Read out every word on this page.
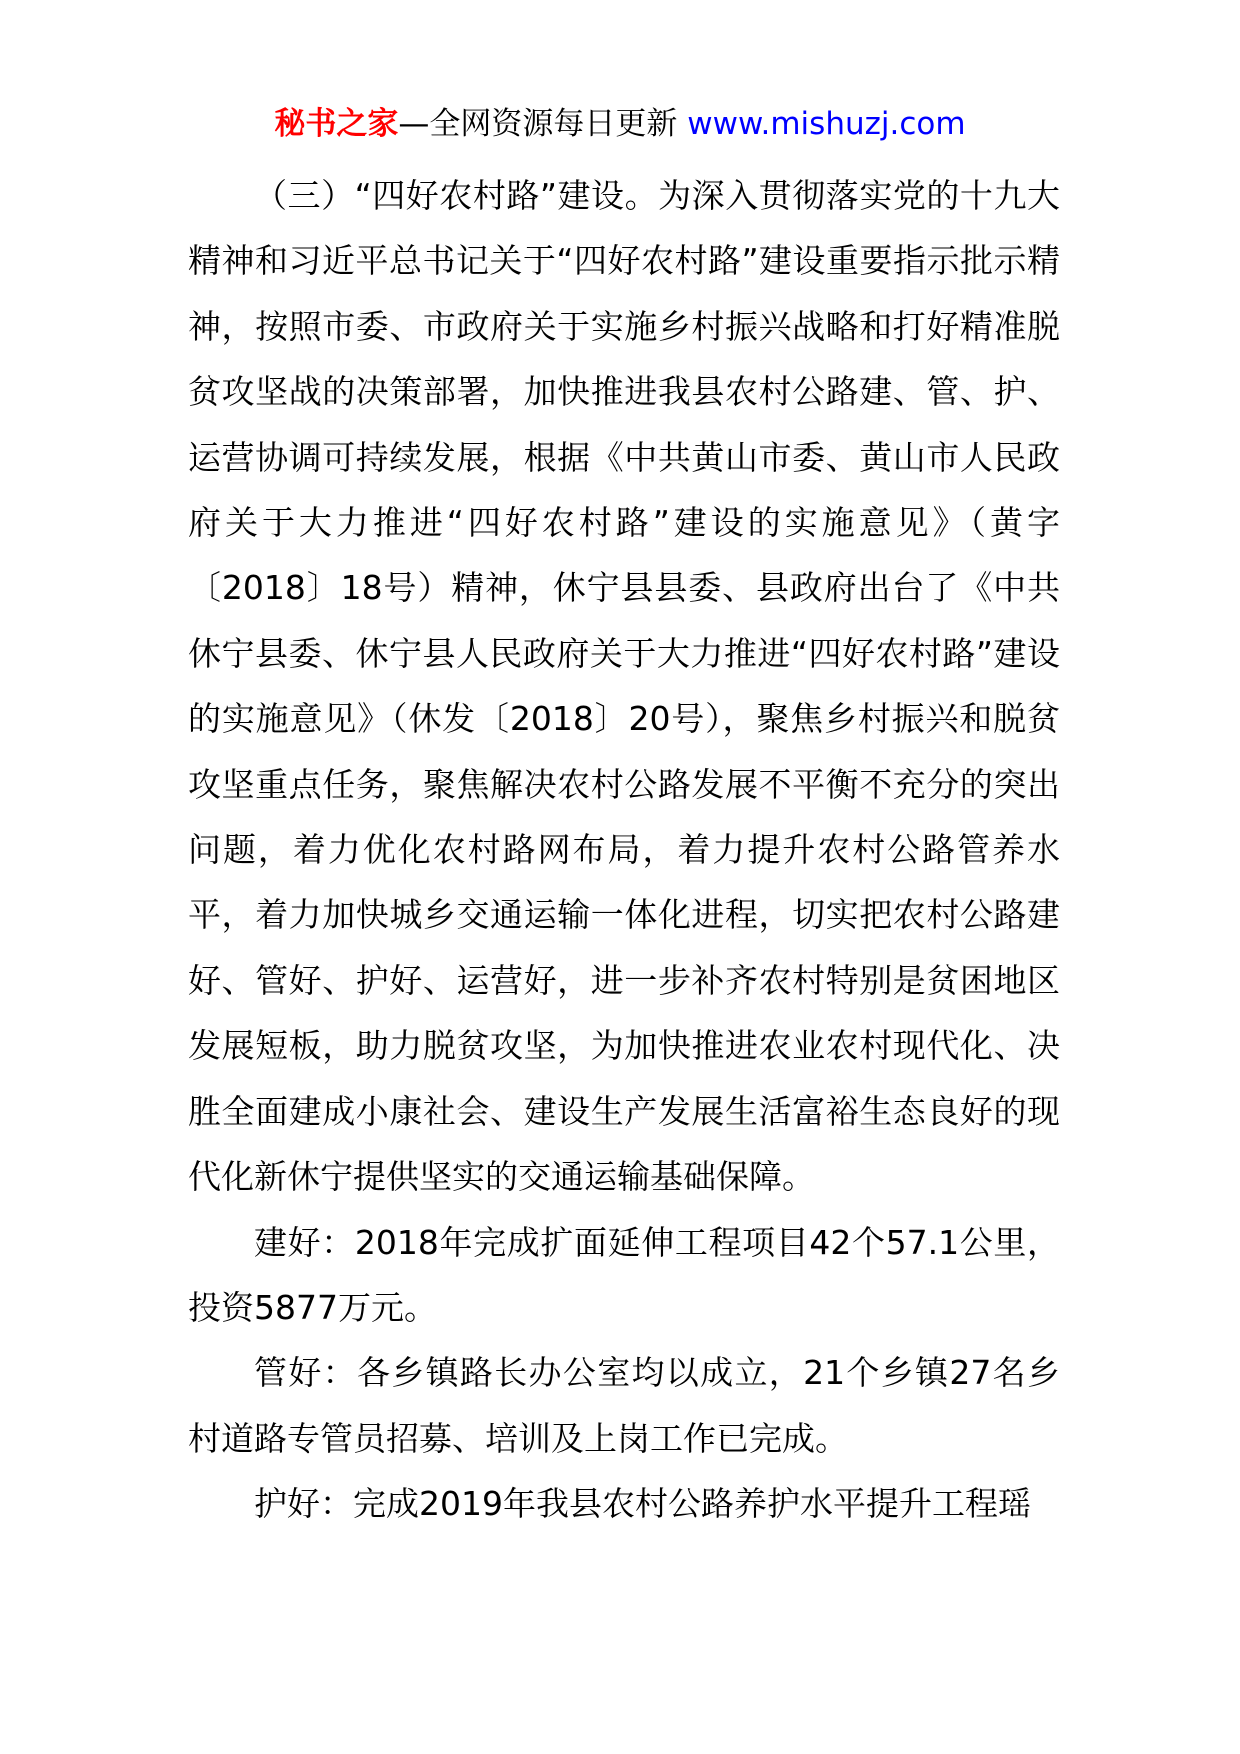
秘书之家—全网资源每日更新 www.mishuzj.com

（三）“四好农村路”建设。为深入贯彻落实党的十九大精神和习近平总书记关于“四好农村路”建设重要指示批示精神，按照市委、市政府关于实施乡村振兴战略和打好精准脱贫攻坚战的决策部署，加快推进我县农村公路建、管、护、运营协调可持续发展，根据《中共黄山市委、黄山市人民政府关于大力推进“四好农村路”建设的实施意见》（黄字〔2018〕18号）精神，休宁县县委、县政府出台了《中共休宁县委、休宁县人民政府关于大力推进“四好农村路”建设的实施意见》（休发〔2018〕20号），聚焦乡村振兴和脱贫攻坚重点任务，聚焦解决农村公路发展不平衡不充分的突出问题，着力优化农村路网布局，着力提升农村公路管养水平，着力加快城乡交通运输一体化进程，切实把农村公路建好、管好、护好、运营好，进一步补齐农村特别是贫困地区发展短板，助力脱贫攻坚，为加快推进农业农村现代化、决胜全面建成小康社会、建设生产发展生活富裕生态良好的现代化新休宁提供坚实的交通运输基础保障。

建好：2018年完成扩面延伸工程项目42个57.1公里，投资5877万元。

管好：各乡镇路长办公室均以成立，21个乡镇27名乡村道路专管员招募、培训及上岗工作已完成。

护好：完成2019年我县农村公路养护水平提升工程瑶
